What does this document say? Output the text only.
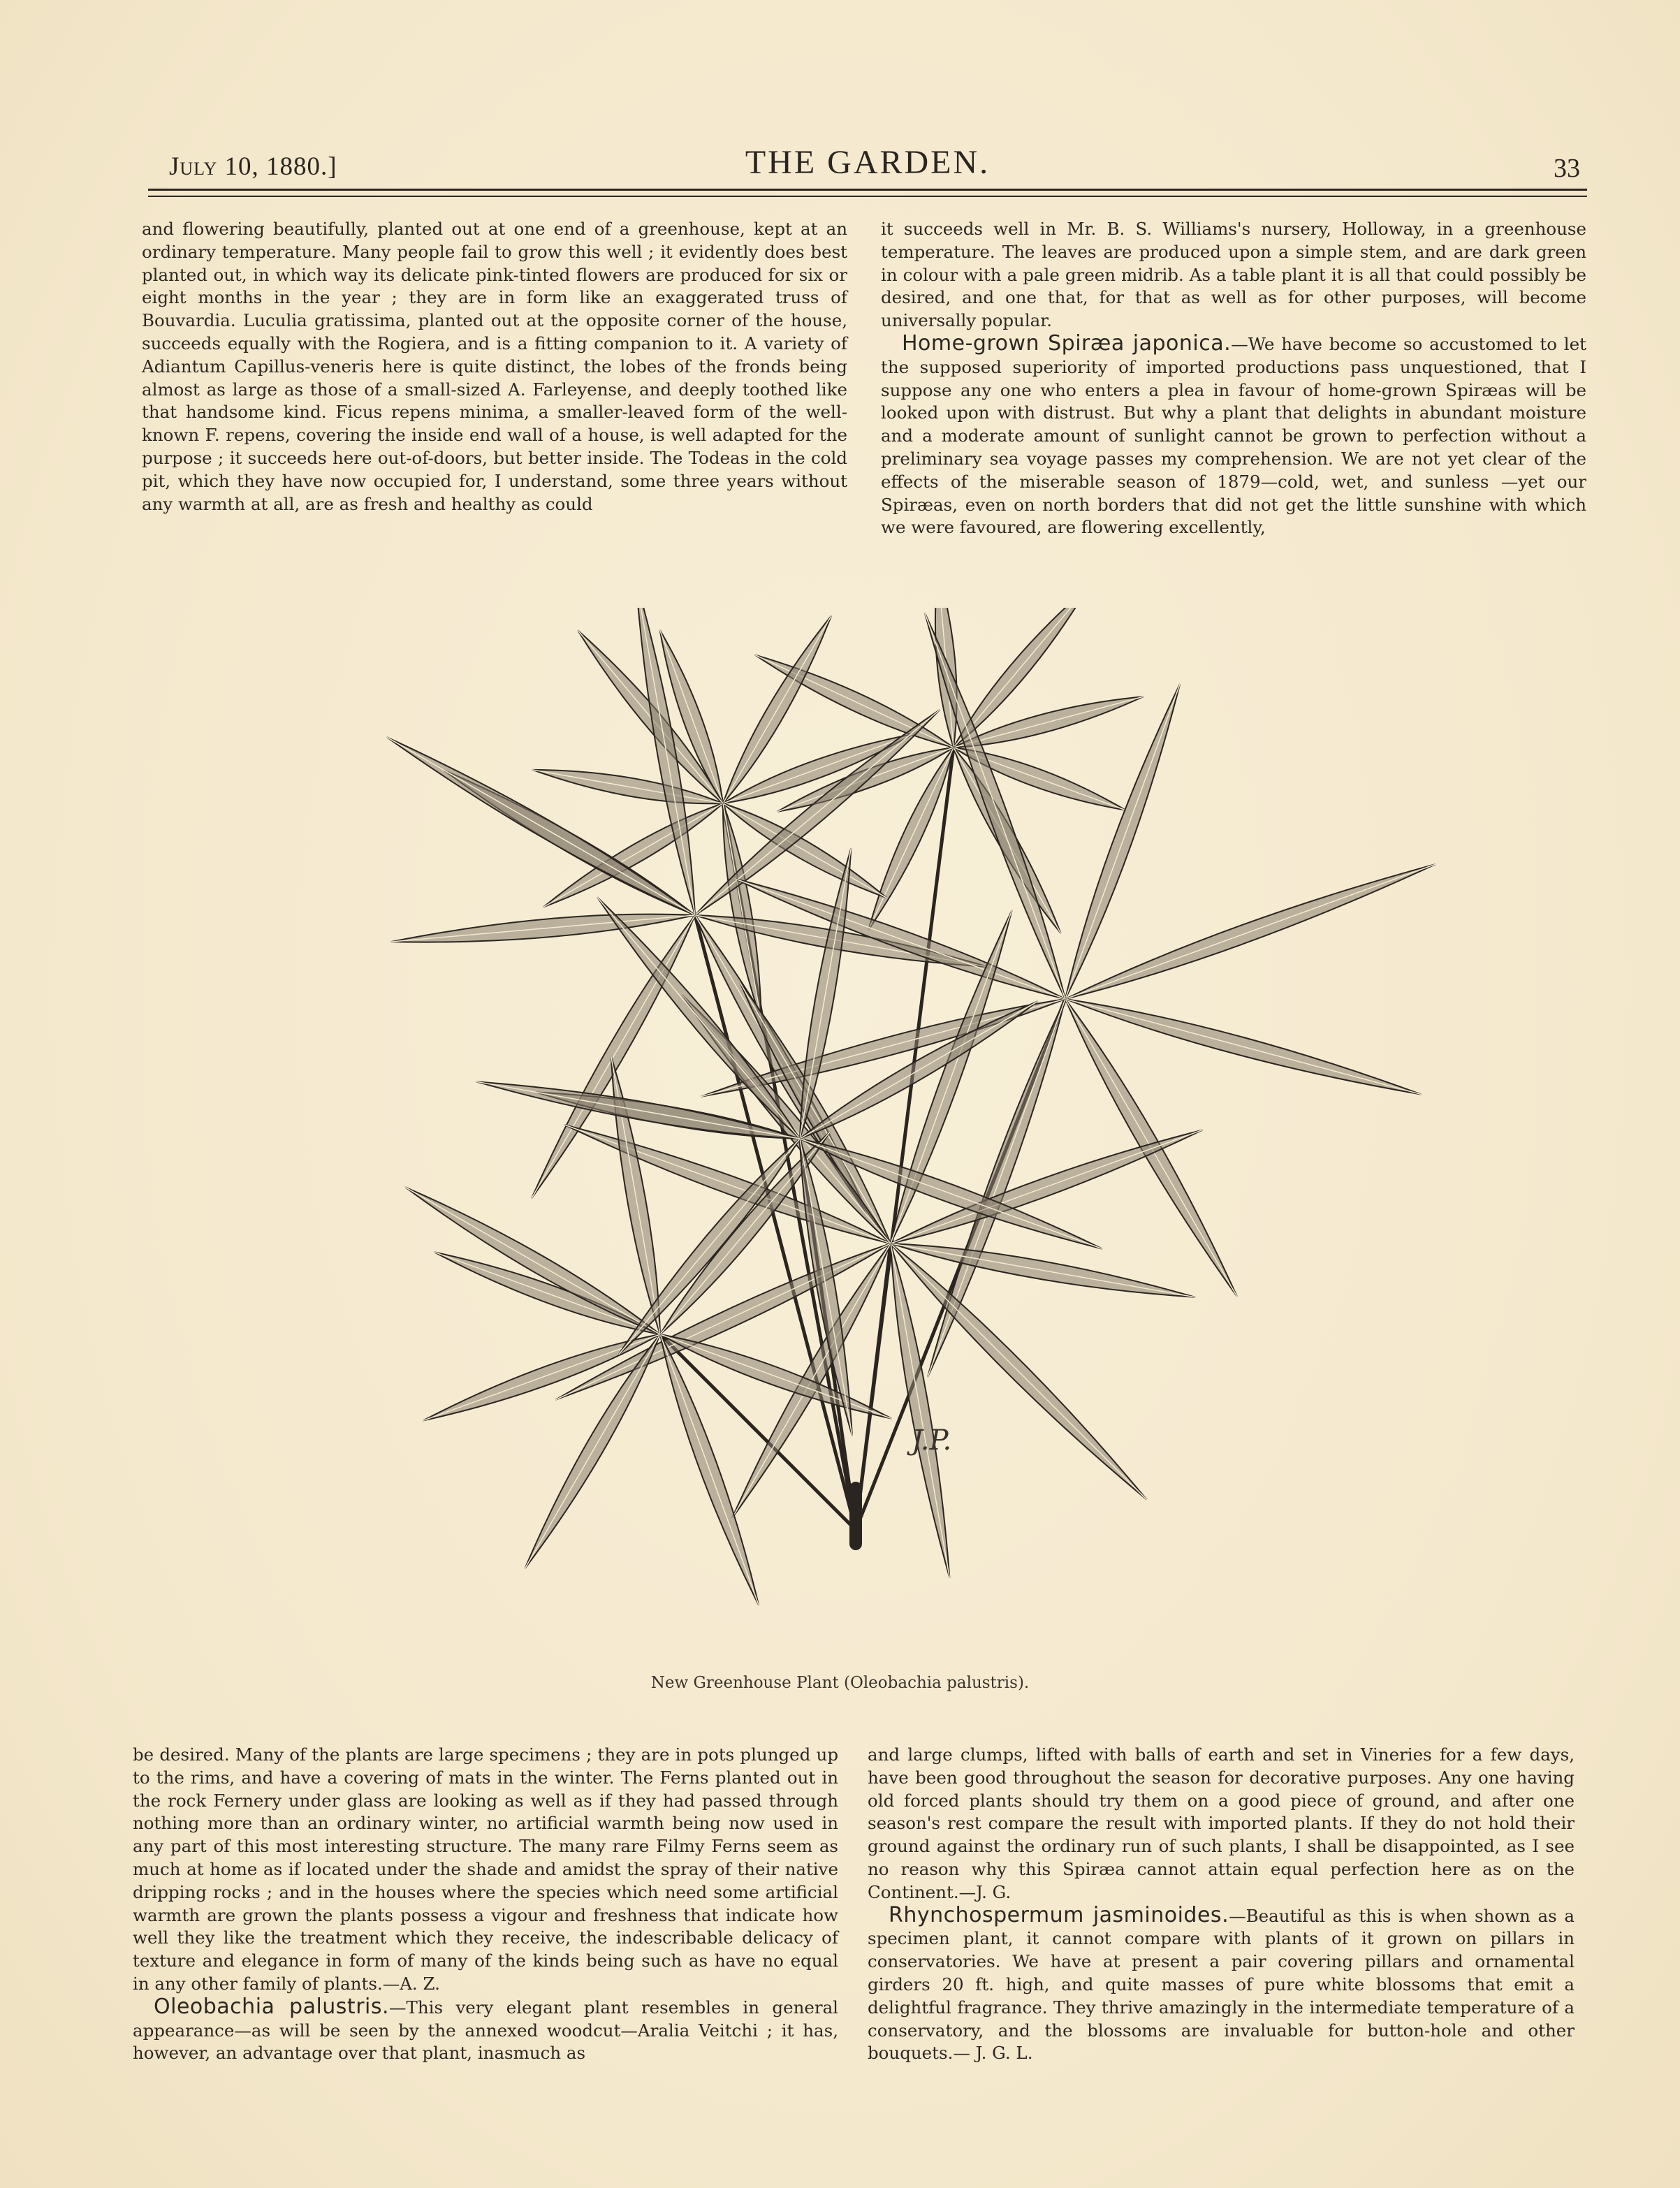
July 10, 1880.]	THE GARDEN.	33

and flowering beautifully, planted out at one end of a greenhouse, kept at an ordinary temperature. Many people fail to grow this well ; it evidently does best planted out, in which way its delicate pink-tinted flowers are produced for six or eight months in the year ; they are in form like an exaggerated truss of Bouvardia. Luculia gratissima, planted out at the opposite corner of the house, succeeds equally with the Rogiera, and is a fitting companion to it. A variety of Adiantum Capillus-veneris here is quite distinct, the lobes of the fronds being almost as large as those of a small-sized A. Farleyense, and deeply toothed like that handsome kind. Ficus repens minima, a smaller-leaved form of the well-known F. repens, covering the inside end wall of a house, is well adapted for the purpose ; it succeeds here out-of-doors, but better inside. The Todeas in the cold pit, which they have now occupied for, I understand, some three years without any warmth at all, are as fresh and healthy as could

it succeeds well in Mr. B. S. Williams's nursery, Holloway, in a greenhouse temperature. The leaves are produced upon a simple stem, and are dark green in colour with a pale green midrib. As a table plant it is all that could possibly be desired, and one that, for that as well as for other purposes, will become universally popular.

Home-grown Spiræa japonica.—We have become so accustomed to let the supposed superiority of imported productions pass unquestioned, that I suppose any one who enters a plea in favour of home-grown Spiræas will be looked upon with distrust. But why a plant that delights in abundant moisture and a moderate amount of sunlight cannot be grown to perfection without a preliminary sea voyage passes my comprehension. We are not yet clear of the effects of the miserable season of 1879—cold, wet, and sunless —yet our Spiræas, even on north borders that did not get the little sunshine with which we were favoured, are flowering excellently,

J.P.
New Greenhouse Plant (Oleobachia palustris).

be desired. Many of the plants are large specimens ; they are in pots plunged up to the rims, and have a covering of mats in the winter. The Ferns planted out in the rock Fernery under glass are looking as well as if they had passed through nothing more than an ordinary winter, no artificial warmth being now used in any part of this most interesting structure. The many rare Filmy Ferns seem as much at home as if located under the shade and amidst the spray of their native dripping rocks ; and in the houses where the species which need some artificial warmth are grown the plants possess a vigour and freshness that indicate how well they like the treatment which they receive, the indescribable delicacy of texture and elegance in form of many of the kinds being such as have no equal in any other family of plants.—A. Z.

Oleobachia palustris.—This very elegant plant resembles in general appearance—as will be seen by the annexed woodcut—Aralia Veitchi ; it has, however, an advantage over that plant, inasmuch as

and large clumps, lifted with balls of earth and set in Vineries for a few days, have been good throughout the season for decorative purposes. Any one having old forced plants should try them on a good piece of ground, and after one season's rest compare the result with imported plants. If they do not hold their ground against the ordinary run of such plants, I shall be disappointed, as I see no reason why this Spiræa cannot attain equal perfection here as on the Continent.—J. G.

Rhynchospermum jasminoides.—Beautiful as this is when shown as a specimen plant, it cannot compare with plants of it grown on pillars in conservatories. We have at present a pair covering pillars and ornamental girders 20 ft. high, and quite masses of pure white blossoms that emit a delightful fragrance. They thrive amazingly in the intermediate temperature of a conservatory, and the blossoms are invaluable for button-hole and other bouquets.— J. G. L.
